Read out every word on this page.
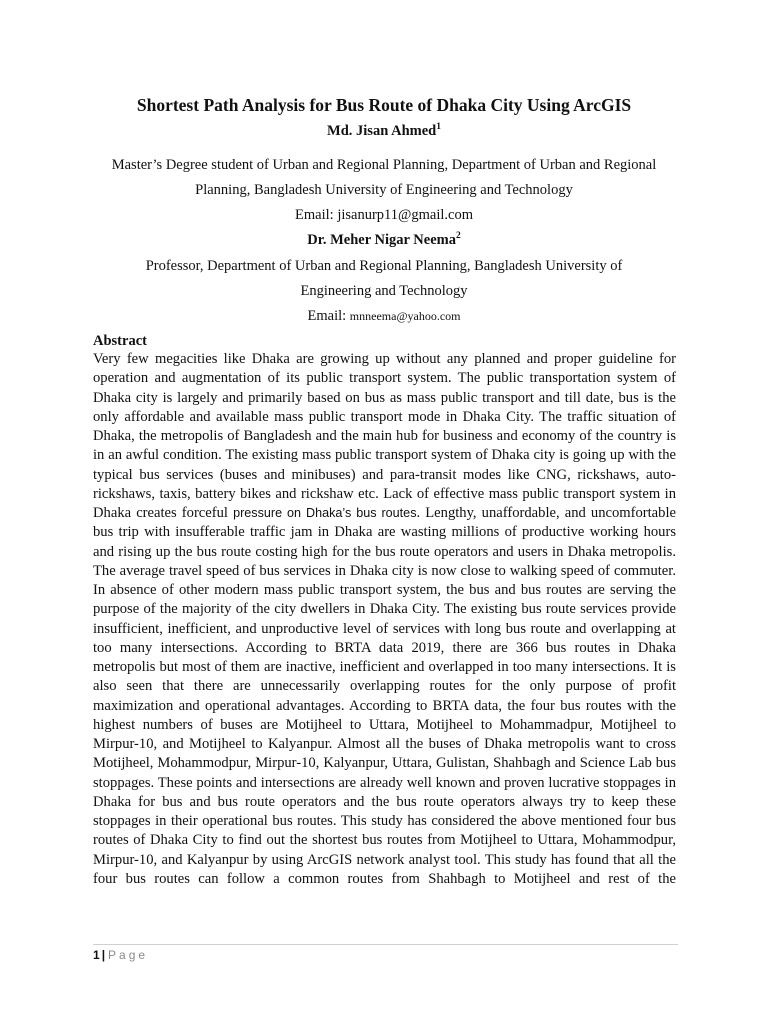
Shortest Path Analysis for Bus Route of Dhaka City Using ArcGIS
Md. Jisan Ahmed$^1$
Master’s Degree student of Urban and Regional Planning, Department of Urban and Regional
Planning, Bangladesh University of Engineering and Technology
Email: jisanurp11@gmail.com
Dr. Meher Nigar Neema$^2$
Professor, Department of Urban and Regional Planning, Bangladesh University of
Engineering and Technology
Email: mnneema@yahoo.com
Abstract
Very few megacities like Dhaka are growing up without any planned and proper guideline for operation and augmentation of its public transport system. The public transportation system of Dhaka city is largely and primarily based on bus as mass public transport and till date, bus is the only affordable and available mass public transport mode in Dhaka City. The traffic situation of Dhaka, the metropolis of Bangladesh and the main hub for business and economy of the country is in an awful condition. The existing mass public transport system of Dhaka city is going up with the typical bus services (buses and minibuses) and para-transit modes like CNG, rickshaws, auto-rickshaws, taxis, battery bikes and rickshaw etc. Lack of effective mass public transport system in Dhaka creates forceful pressure on Dhaka’s bus routes. Lengthy, unaffordable, and uncomfortable bus trip with insufferable traffic jam in Dhaka are wasting millions of productive working hours and rising up the bus route costing high for the bus route operators and users in Dhaka metropolis. The average travel speed of bus services in Dhaka city is now close to walking speed of commuter. In absence of other modern mass public transport system, the bus and bus routes are serving the purpose of the majority of the city dwellers in Dhaka City. The existing bus route services provide insufficient, inefficient, and unproductive level of services with long bus route and overlapping at too many intersections. According to BRTA data 2019, there are 366 bus routes in Dhaka metropolis but most of them are inactive, inefficient and overlapped in too many intersections. It is also seen that there are unnecessarily overlapping routes for the only purpose of profit maximization and operational advantages. According to BRTA data, the four bus routes with the highest numbers of buses are Motijheel to Uttara, Motijheel to Mohammadpur, Motijheel to Mirpur-10, and Motijheel to Kalyanpur. Almost all the buses of Dhaka metropolis want to cross Motijheel, Mohammodpur, Mirpur-10, Kalyanpur, Uttara, Gulistan, Shahbagh and Science Lab bus stoppages. These points and intersections are already well known and proven lucrative stoppages in Dhaka for bus and bus route operators and the bus route operators always try to keep these stoppages in their operational bus routes. This study has considered the above mentioned four bus routes of Dhaka City to find out the shortest bus routes from Motijheel to Uttara, Mohammodpur, Mirpur-10, and Kalyanpur by using ArcGIS network analyst tool. This study has found that all the four bus routes can follow a common routes from Shahbagh to Motijheel and rest of the
1 | Page
